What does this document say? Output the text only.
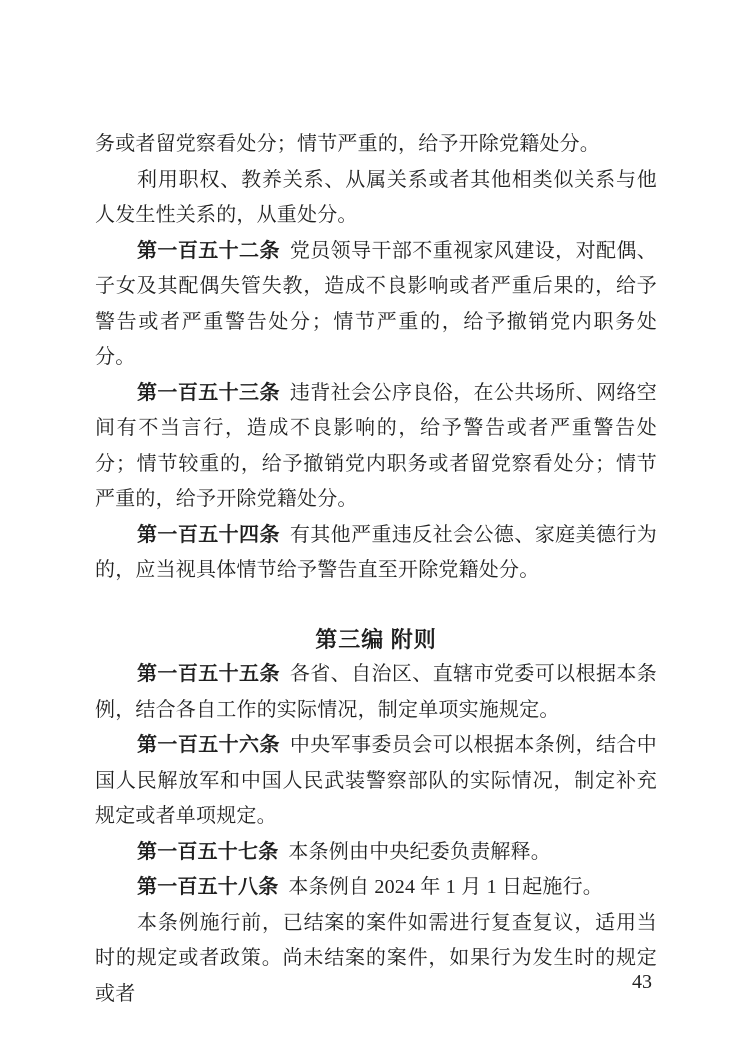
务或者留党察看处分；情节严重的，给予开除党籍处分。

利用职权、教养关系、从属关系或者其他相类似关系与他人发生性关系的，从重处分。

第一百五十二条 党员领导干部不重视家风建设，对配偶、子女及其配偶失管失教，造成不良影响或者严重后果的，给予警告或者严重警告处分；情节严重的，给予撤销党内职务处分。

第一百五十三条 违背社会公序良俗，在公共场所、网络空间有不当言行，造成不良影响的，给予警告或者严重警告处分；情节较重的，给予撤销党内职务或者留党察看处分；情节严重的，给予开除党籍处分。

第一百五十四条 有其他严重违反社会公德、家庭美德行为的，应当视具体情节给予警告直至开除党籍处分。

第三编 附则

第一百五十五条 各省、自治区、直辖市党委可以根据本条例，结合各自工作的实际情况，制定单项实施规定。

第一百五十六条 中央军事委员会可以根据本条例，结合中国人民解放军和中国人民武装警察部队的实际情况，制定补充规定或者单项规定。

第一百五十七条 本条例由中央纪委负责解释。

第一百五十八条 本条例自 2024 年 1 月 1 日起施行。

本条例施行前，已结案的案件如需进行复查复议，适用当时的规定或者政策。尚未结案的案件，如果行为发生时的规定或者

43
